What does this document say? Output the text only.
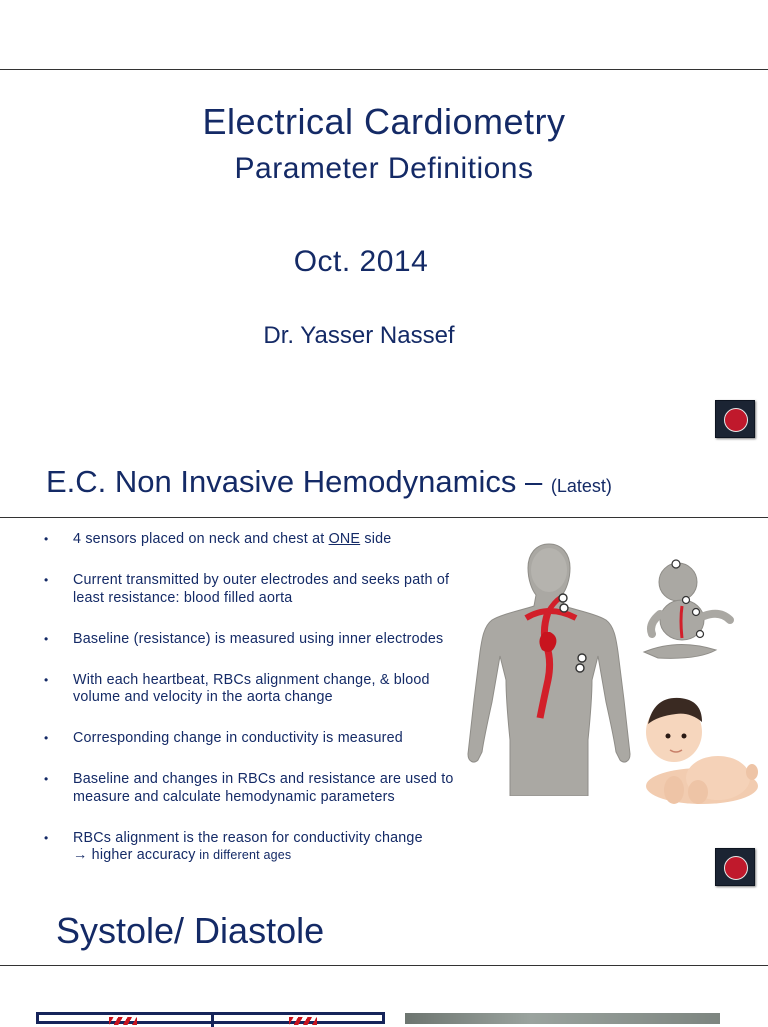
Electrical Cardiometry
Parameter Definitions
Oct. 2014
Dr. Yasser Nassef
E.C. Non Invasive Hemodynamics – (Latest)
• 4 sensors placed on neck and chest at ONE side
• Current transmitted by outer electrodes and seeks path of least resistance: blood filled aorta
• Baseline (resistance) is measured using inner electrodes
• With each heartbeat, RBCs alignment change, & blood volume and velocity in the aorta change
• Corresponding change in conductivity is measured
• Baseline and changes in RBCs and resistance are used to measure and calculate hemodynamic parameters
• RBCs alignment is the reason for conductivity change
→ higher accuracy in different ages
Systole/ Diastole
